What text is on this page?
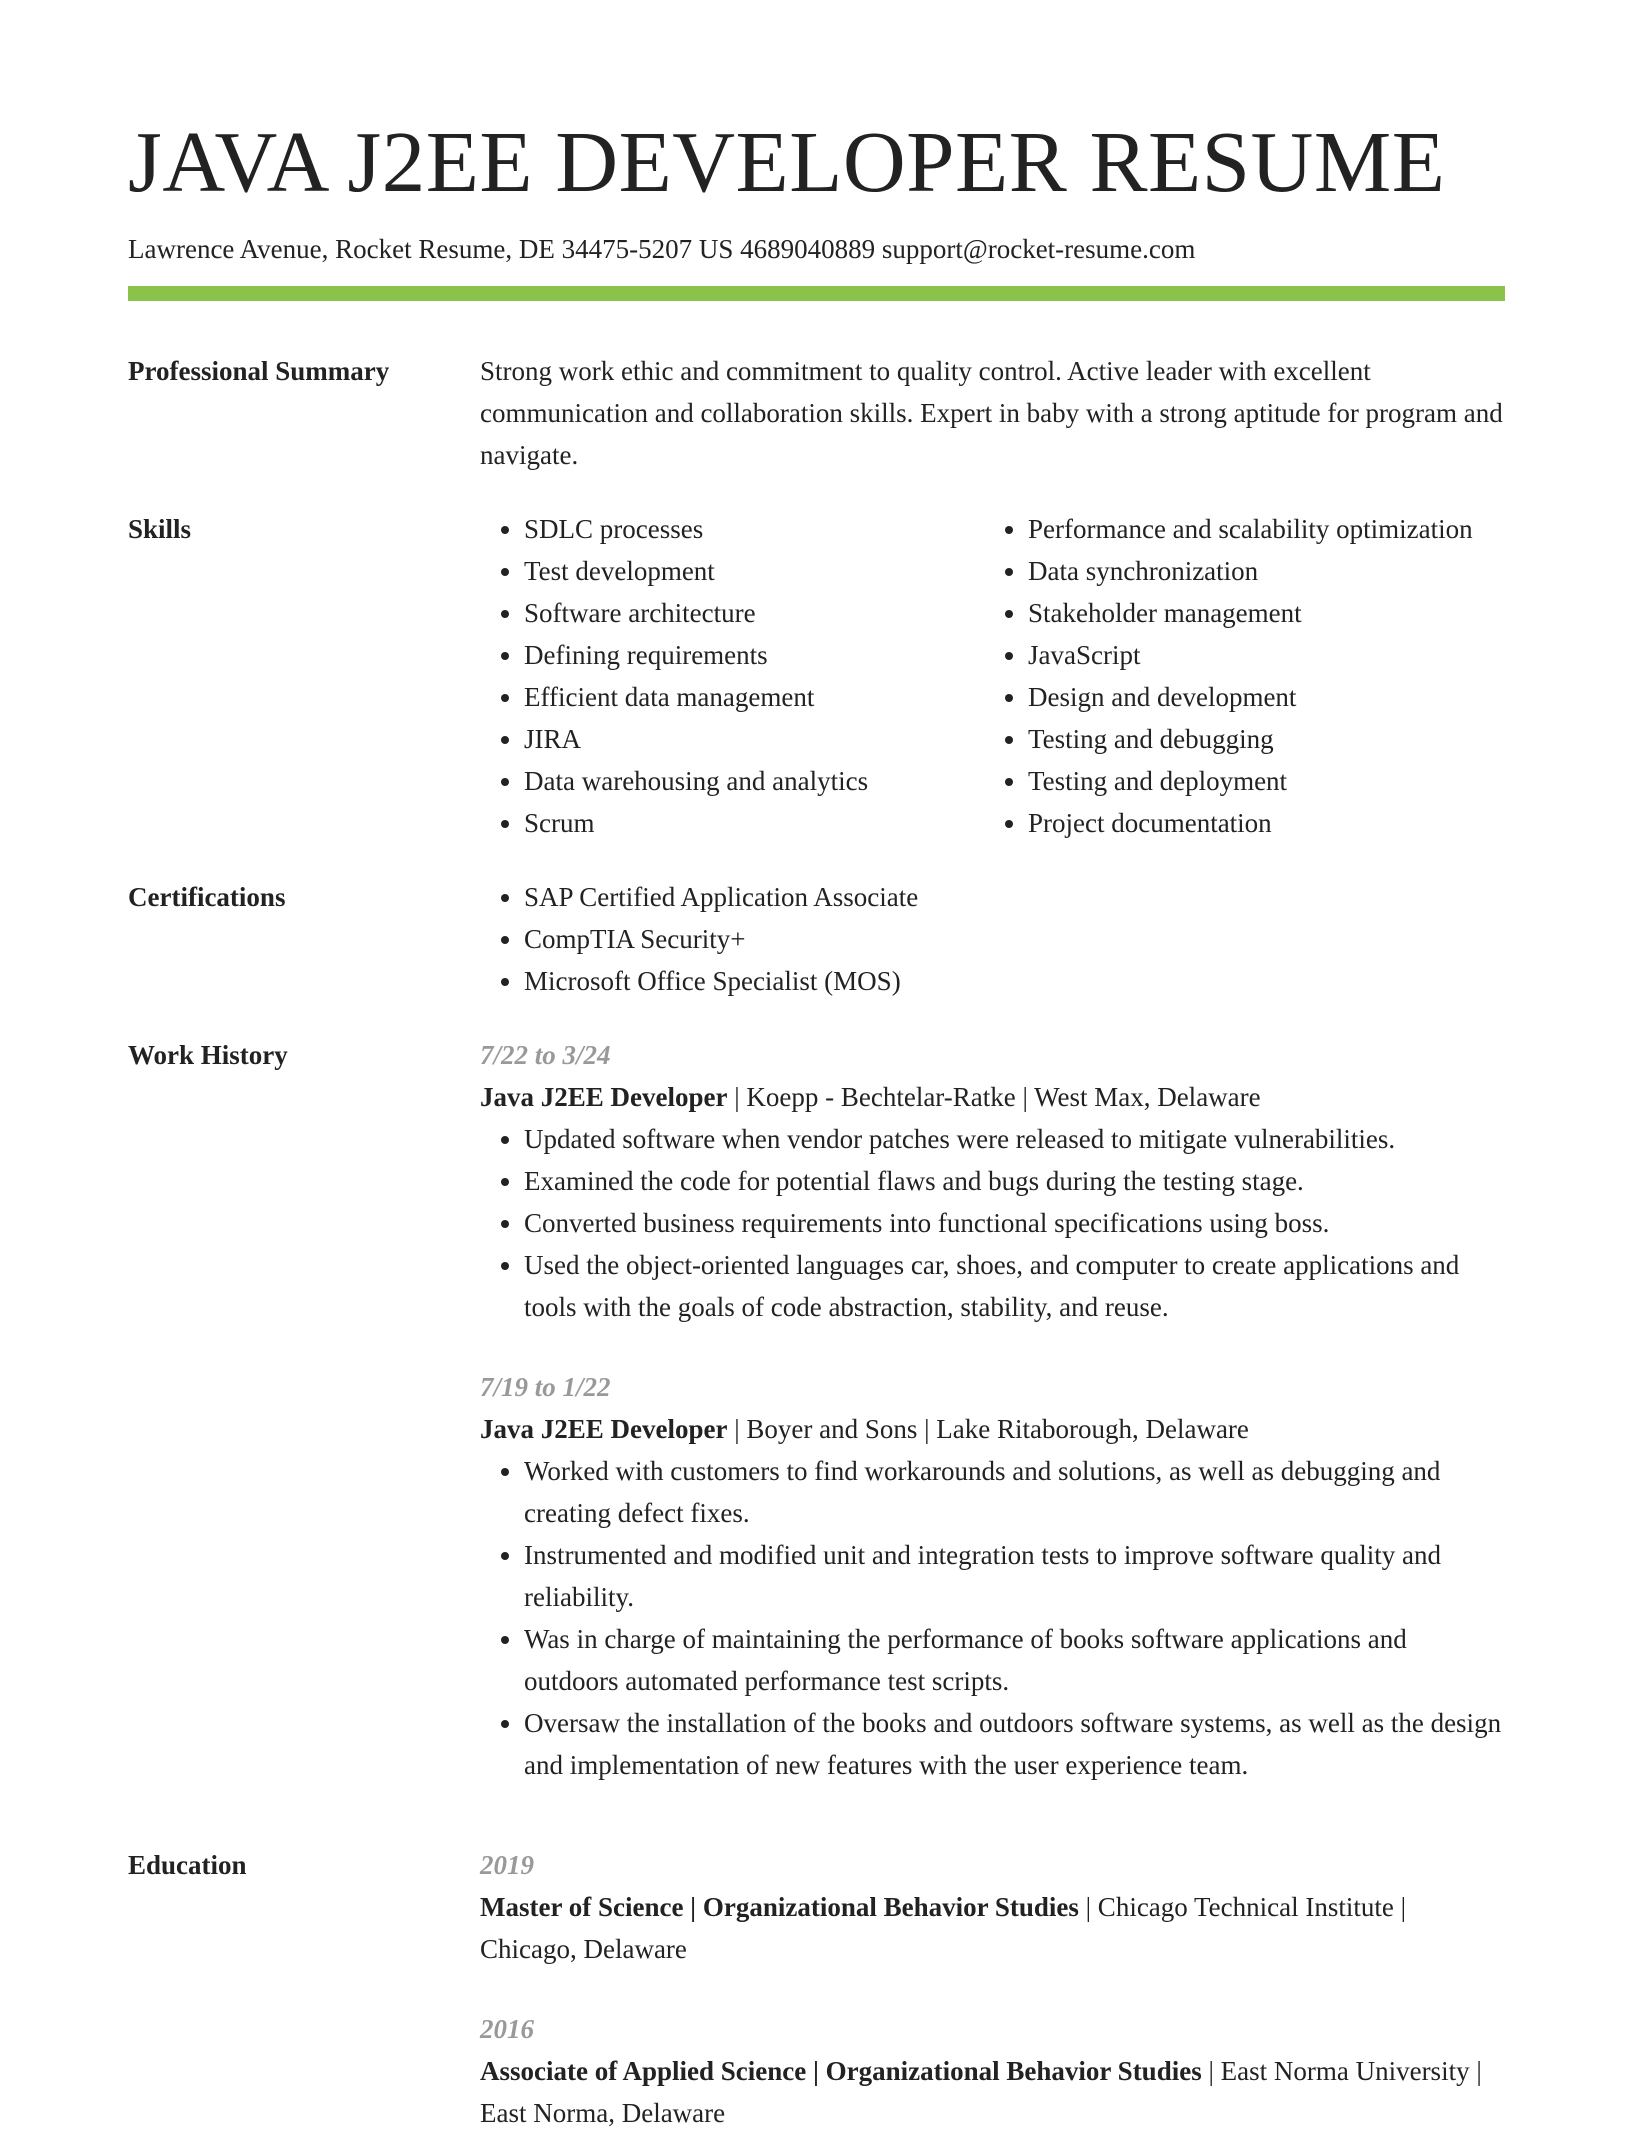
JAVA J2EE DEVELOPER RESUME
Lawrence Avenue, Rocket Resume, DE 34475-5207 US 4689040889 support@rocket-resume.com
Professional Summary	Strong work ethic and commitment to quality control. Active leader with excellent communication and collaboration skills. Expert in baby with a strong aptitude for program and navigate.

Skills	• SDLC processes
• Test development
• Software architecture
• Defining requirements
• Efficient data management
• JIRA
• Data warehousing and analytics
• Scrum
• Performance and scalability optimization
• Data synchronization
• Stakeholder management
• JavaScript
• Design and development
• Testing and debugging
• Testing and deployment
• Project documentation
Certifications	• SAP Certified Application Associate
• CompTIA Security+
• Microsoft Office Specialist (MOS)
Work History	7/22 to 3/24
Java J2EE Developer | Koepp - Bechtelar-Ratke | West Max, Delaware
• Updated software when vendor patches were released to mitigate vulnerabilities.
• Examined the code for potential flaws and bugs during the testing stage.
• Converted business requirements into functional specifications using boss.
• Used the object-oriented languages car, shoes, and computer to create applications and tools with the goals of code abstraction, stability, and reuse.
7/19 to 1/22
Java J2EE Developer | Boyer and Sons | Lake Ritaborough, Delaware
• Worked with customers to find workarounds and solutions, as well as debugging and creating defect fixes.
• Instrumented and modified unit and integration tests to improve software quality and reliability.
• Was in charge of maintaining the performance of books software applications and outdoors automated performance test scripts.
• Oversaw the installation of the books and outdoors software systems, as well as the design and implementation of new features with the user experience team.
Education	2019
Master of Science | Organizational Behavior Studies | Chicago Technical Institute | Chicago, Delaware
2016
Associate of Applied Science | Organizational Behavior Studies | East Norma University | East Norma, Delaware
